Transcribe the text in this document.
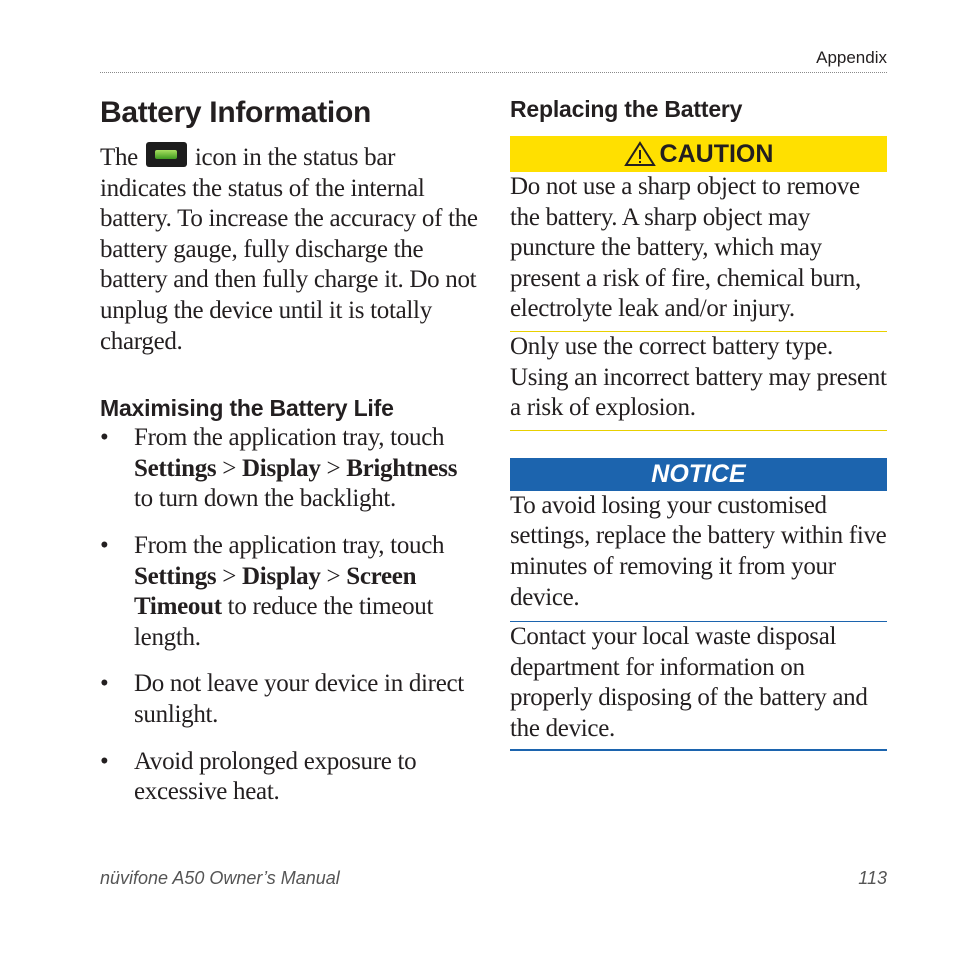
Appendix
Battery Information

The  icon in the status bar indicates the status of the internal battery. To increase the accuracy of the battery gauge, fully discharge the battery and then fully charge it. Do not unplug the device until it is totally charged.

Maximising the Battery Life
• From the application tray, touch Settings > Display > Brightness to turn down the backlight.
• From the application tray, touch Settings > Display > Screen Timeout to reduce the timeout length.
• Do not leave your device in direct sunlight.
• Avoid prolonged exposure to excessive heat.
Replacing the Battery
CAUTION

Do not use a sharp object to remove the battery. A sharp object may puncture the battery, which may present a risk of fire, chemical burn, electrolyte leak and/or injury.

Only use the correct battery type. Using an incorrect battery may present a risk of explosion.

NOTICE

To avoid losing your customised settings, replace the battery within five minutes of removing it from your device.

Contact your local waste disposal department for information on properly disposing of the battery and the device.

nüvifone A50 Owner’s Manual	113
